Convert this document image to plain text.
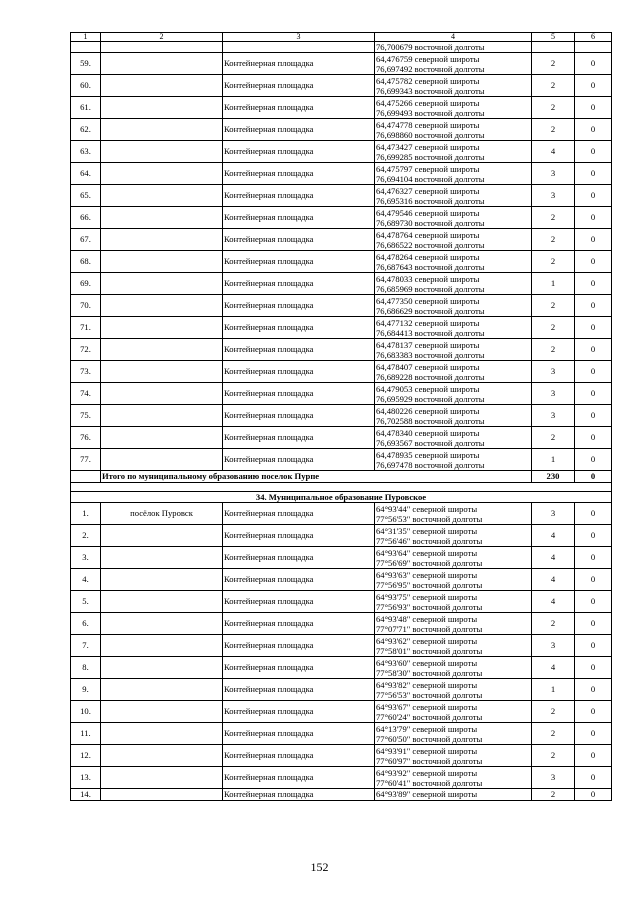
1	2	3	4	5	6
			76,700679 восточной долготы		
59.		Контейнерная площадка	64,476759 северной широты
76,697492 восточной долготы	2	0
60.		Контейнерная площадка	64,475782 северной широты
76,699343 восточной долготы	2	0
61.		Контейнерная площадка	64,475266 северной широты
76,699493 восточной долготы	2	0
62.		Контейнерная площадка	64,474778 северной широты
76,698860 восточной долготы	2	0
63.		Контейнерная площадка	64,473427 северной широты
76,699285 восточной долготы	4	0
64.		Контейнерная площадка	64,475797 северной широты
76,694104 восточной долготы	3	0
65.		Контейнерная площадка	64,476327 северной широты
76,695316 восточной долготы	3	0
66.		Контейнерная площадка	64,479546 северной широты
76,689730 восточной долготы	2	0
67.		Контейнерная площадка	64,478764 северной широты
76,686522 восточной долготы	2	0
68.		Контейнерная площадка	64,478264 северной широты
76,687643 восточной долготы	2	0
69.		Контейнерная площадка	64,478033 северной широты
76,685969 восточной долготы	1	0
70.		Контейнерная площадка	64,477350 северной широты
76,686629 восточной долготы	2	0
71.		Контейнерная площадка	64,477132 северной широты
76,684413 восточной долготы	2	0
72.		Контейнерная площадка	64,478137 северной широты
76,683383 восточной долготы	2	0
73.		Контейнерная площадка	64,478407 северной широты
76,689228 восточной долготы	3	0
74.		Контейнерная площадка	64,479053 северной широты
76,695929 восточной долготы	3	0
75.		Контейнерная площадка	64,480226 северной широты
76,702588 восточной долготы	3	0
76.		Контейнерная площадка	64,478340 северной широты
76,693567 восточной долготы	2	0
77.		Контейнерная площадка	64,478935 северной широты
76,697478 восточной долготы	1	0
	Итого по муниципальному образованию поселок Пурпе			230	0

34. Муниципальное образование Пуровское					
1.	посёлок Пуровск	Контейнерная площадка	64°93'44" северной широты
77°56'53" восточной долготы	3	0
2.		Контейнерная площадка	64°31'35" северной широты
77°56'46" восточной долготы	4	0
3.		Контейнерная площадка	64°93'64" северной широты
77°56'69" восточной долготы	4	0
4.		Контейнерная площадка	64°93'63" северной широты
77°56'95" восточной долготы	4	0
5.		Контейнерная площадка	64°93'75" северной широты
77°56'93" восточной долготы	4	0
6.		Контейнерная площадка	64°93'48" северной широты
77°07'71" восточной долготы	2	0
7.		Контейнерная площадка	64°93'62" северной широты
77°58'01" восточной долготы	3	0
8.		Контейнерная площадка	64°93'60" северной широты
77°58'30" восточной долготы	4	0
9.		Контейнерная площадка	64°93'82" северной широты
77°56'53" восточной долготы	1	0
10.		Контейнерная площадка	64°93'67" северной широты
77°60'24" восточной долготы	2	0
11.		Контейнерная площадка	64°13'79" северной широты
77°60'50" восточной долготы	2	0
12.		Контейнерная площадка	64°93'91" северной широты
77°60'97" восточной долготы	2	0
13.		Контейнерная площадка	64°93'92" северной широты
77°60'41" восточной долготы	3	0
14.		Контейнерная площадка	64°93'89" северной широты	2	0
152
